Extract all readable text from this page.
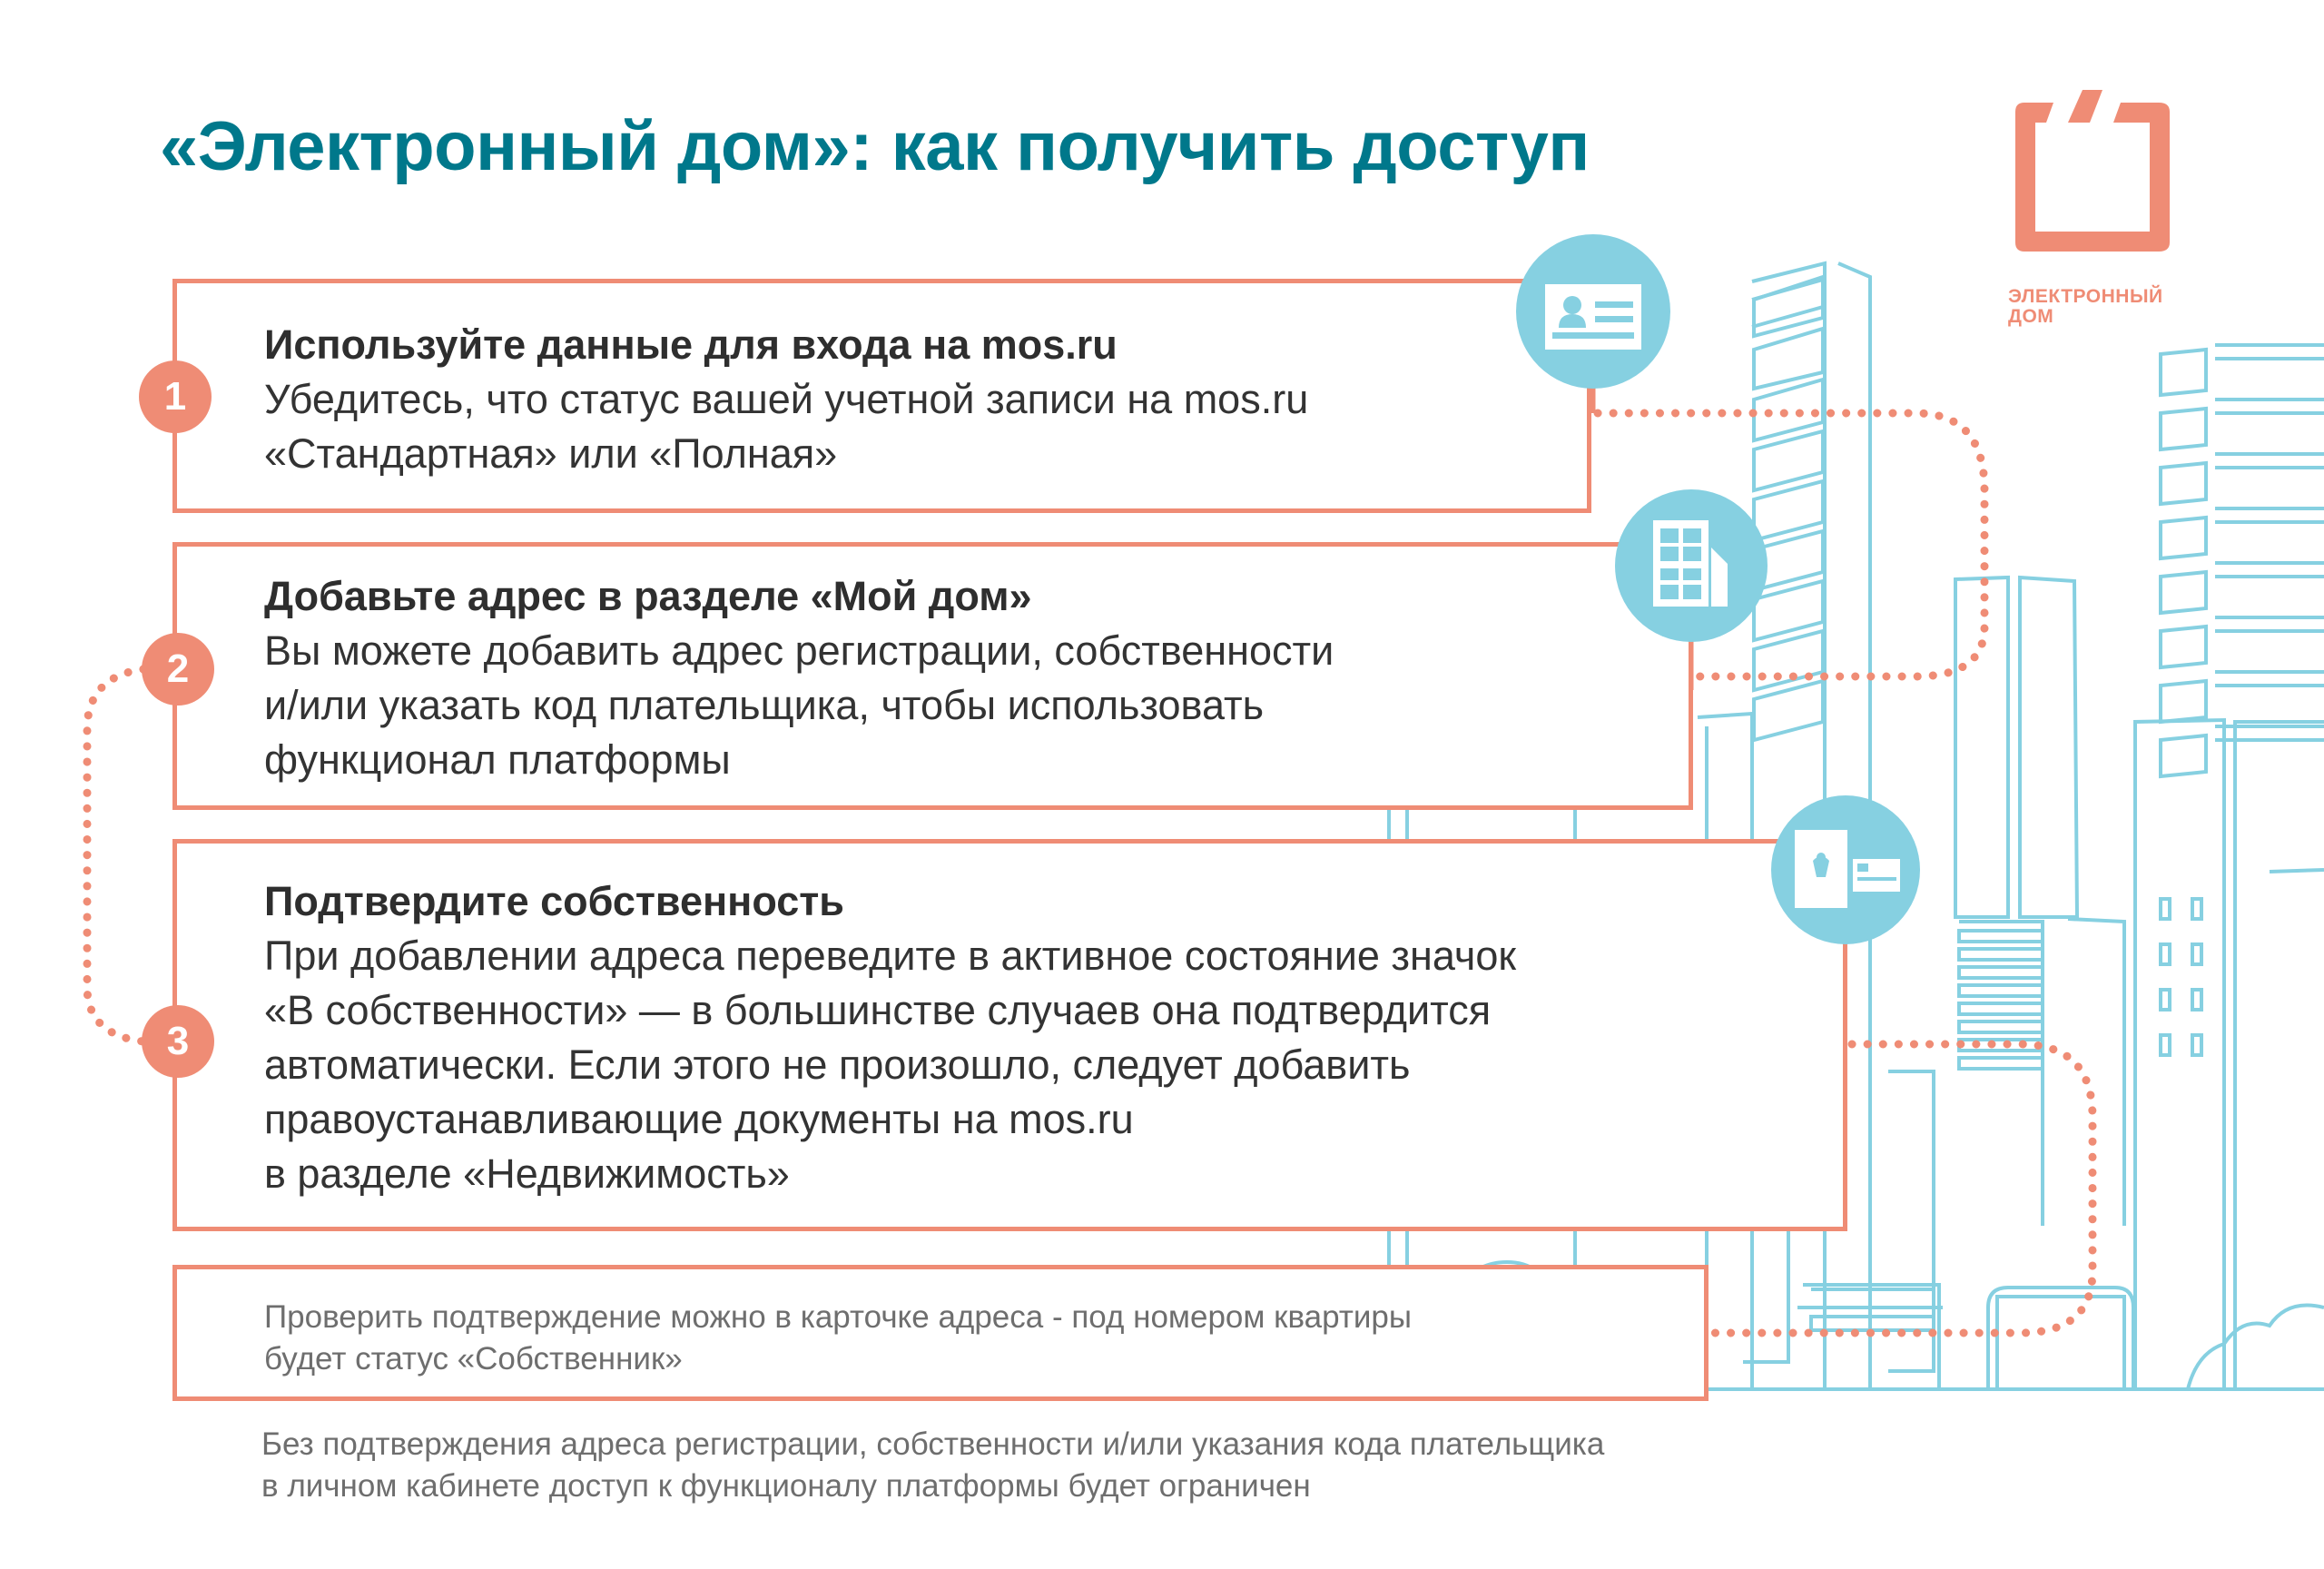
«Электронный дом»: как получить доступ
ЭЛЕКТРОННЫЙ
ДОМ
Используйте данные для входа на mos.ru
Убедитесь, что статус вашей учетной записи на mos.ru
«Стандартная» или «Полная»
1
Добавьте адрес в разделе «Мой дом»
Вы можете добавить адрес регистрации, собственности
и/или указать код плательщика, чтобы использовать
функционал платформы
2
Подтвердите собственность
При добавлении адреса переведите в активное состояние значок
«В собственности» — в большинстве случаев она подтвердится
автоматически. Если этого не произошло, следует добавить
правоустанавливающие документы на mos.ru
в разделе «Недвижимость»
3
Проверить подтверждение можно в карточке адреса - под номером квартиры
будет статус «Собственник»
Без подтверждения адреса регистрации, собственности и/или указания кода плательщика
в личном кабинете доступ к функционалу платформы будет ограничен
